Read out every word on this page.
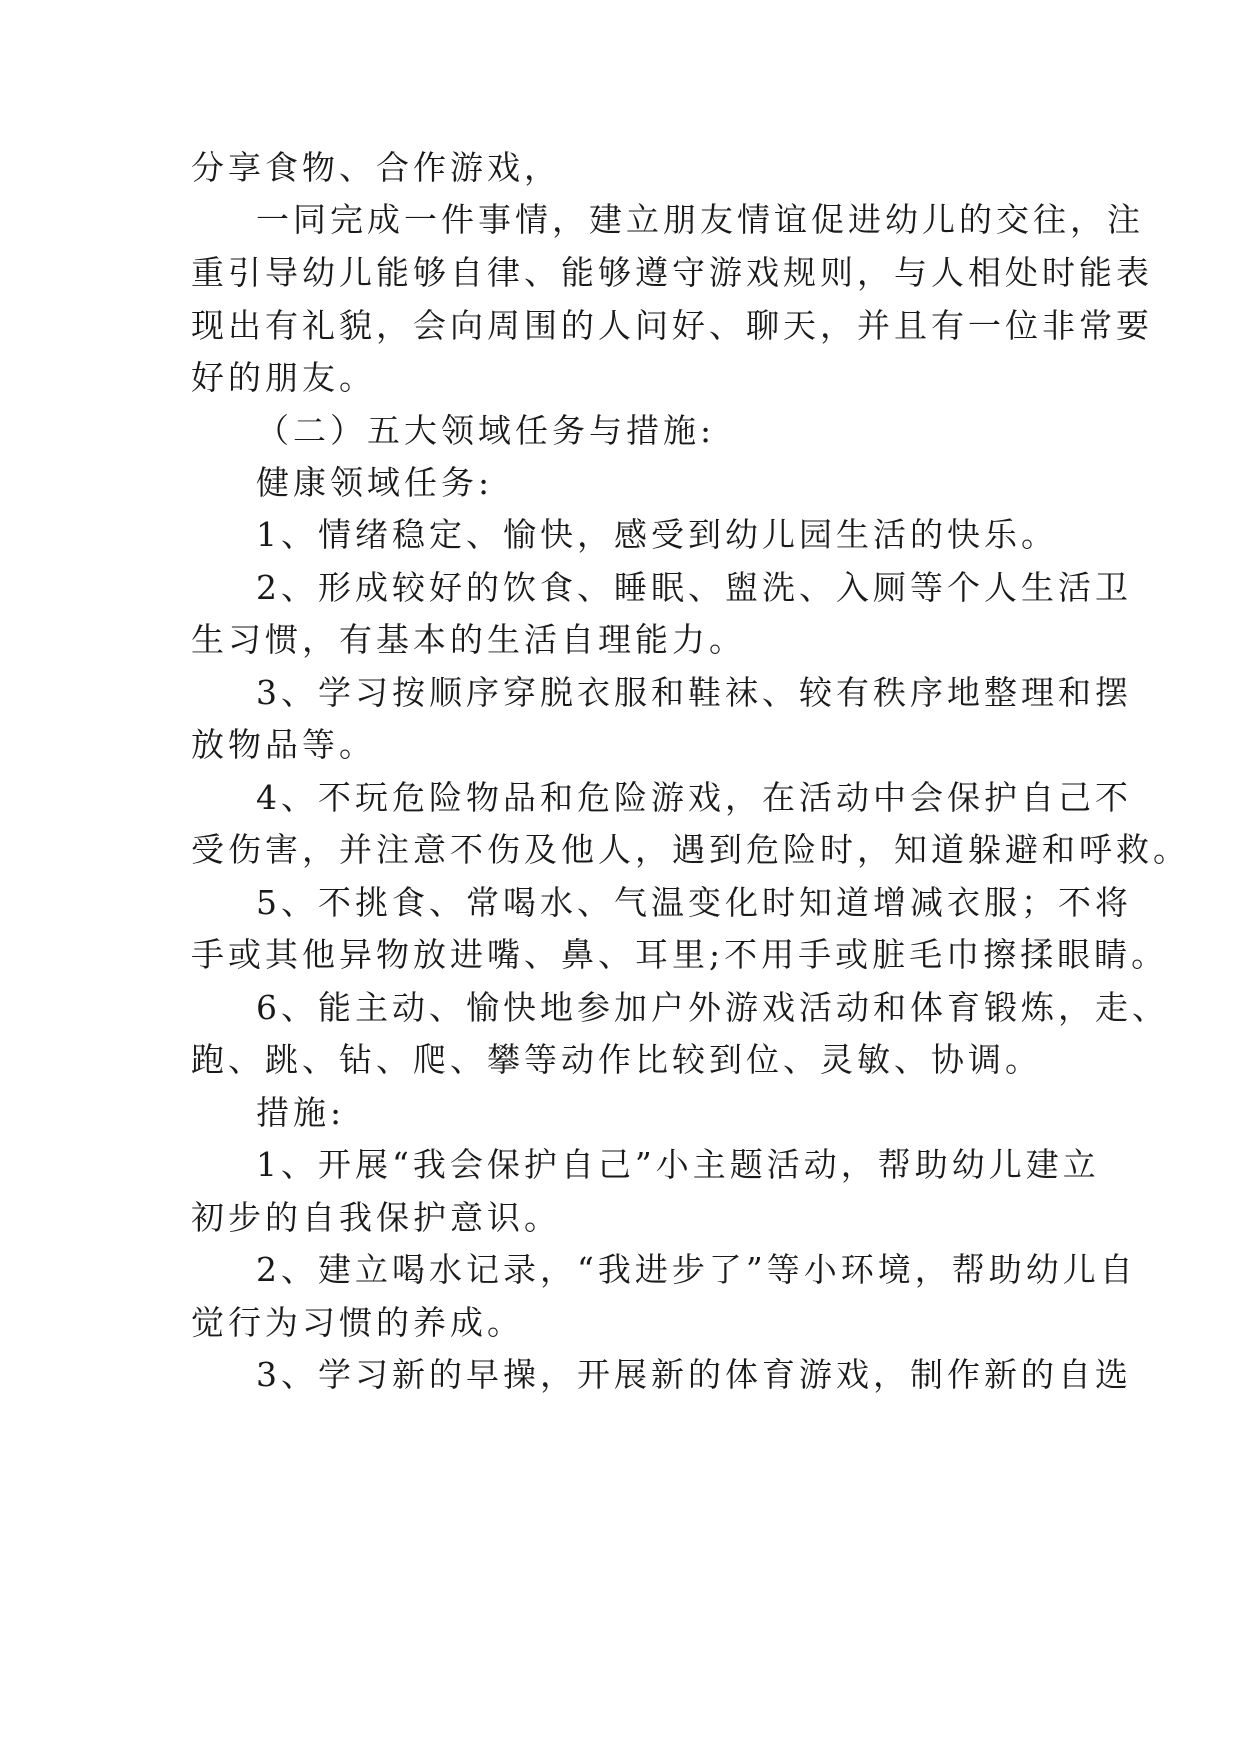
分享食物、合作游戏，
一同完成一件事情，建立朋友情谊促进幼儿的交往，注
重引导幼儿能够自律、能够遵守游戏规则，与人相处时能表
现出有礼貌，会向周围的人问好、聊天，并且有一位非常要
好的朋友。
（二）五大领域任务与措施:
健康领域任务:
1、情绪稳定、愉快，感受到幼儿园生活的快乐。
2、形成较好的饮食、睡眠、盥洗、入厕等个人生活卫
生习惯，有基本的生活自理能力。
3、学习按顺序穿脱衣服和鞋袜、较有秩序地整理和摆
放物品等。
4、不玩危险物品和危险游戏，在活动中会保护自己不
受伤害，并注意不伤及他人，遇到危险时，知道躲避和呼救。
5、不挑食、常喝水、气温变化时知道增减衣服；不将
手或其他异物放进嘴、鼻、耳里;不用手或脏毛巾擦揉眼睛。
6、能主动、愉快地参加户外游戏活动和体育锻炼，走、
跑、跳、钻、爬、攀等动作比较到位、灵敏、协调。
措施:
1、开展“我会保护自己”小主题活动，帮助幼儿建立
初步的自我保护意识。
2、建立喝水记录，“我进步了”等小环境，帮助幼儿自
觉行为习惯的养成。
3、学习新的早操，开展新的体育游戏，制作新的自选
